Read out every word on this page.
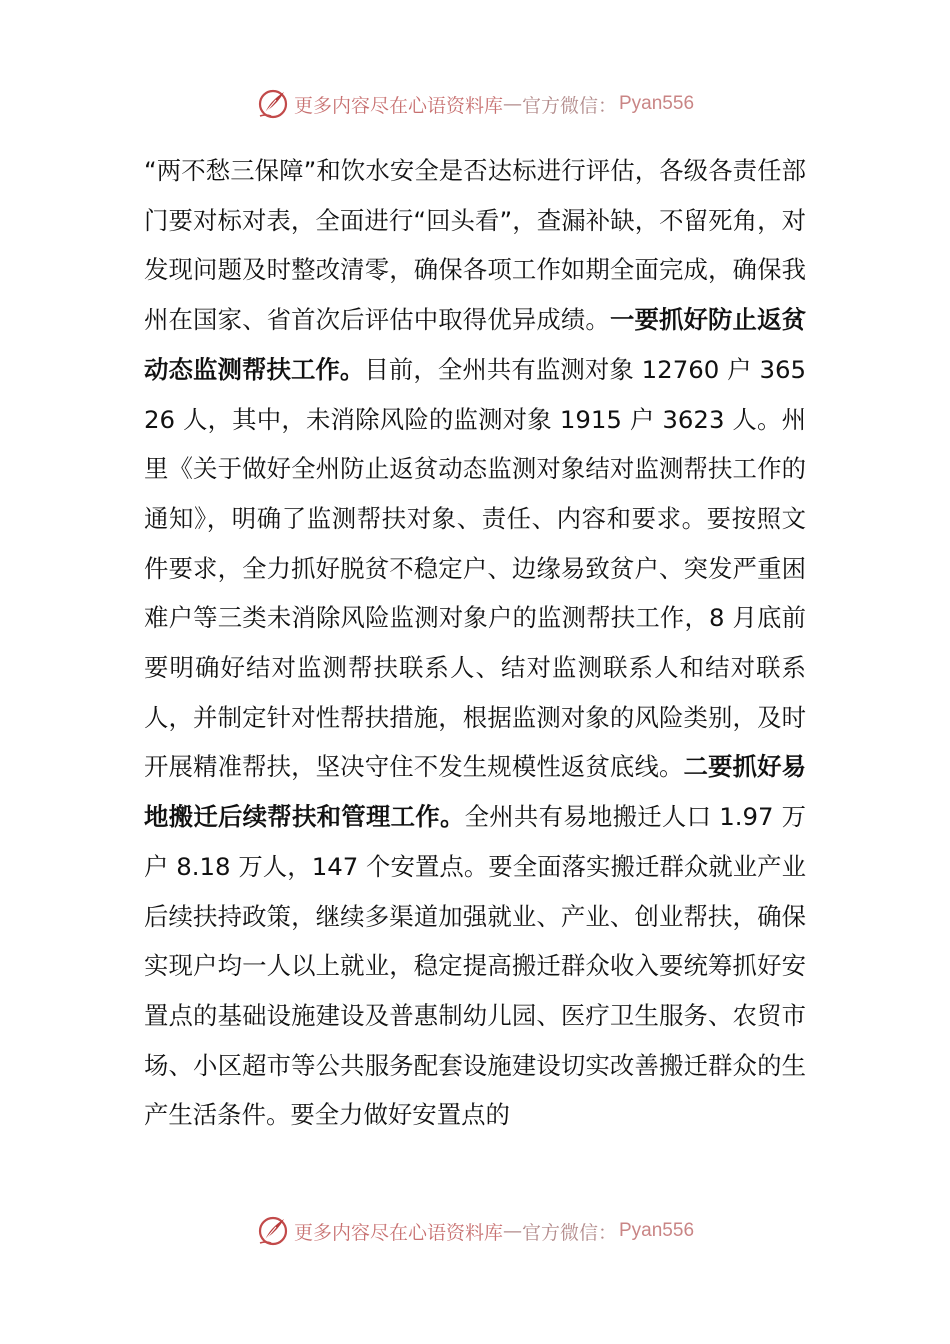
更多内容尽在心语资料库 — 官方微信： Pyan556

“两不愁三保障”和饮水安全是否达标进行评估，各级各责任部门要对标对表，全面进行“回头看”，查漏补缺，不留死角，对发现问题及时整改清零，确保各项工作如期全面完成，确保我州在国家、省首次后评估中取得优异成绩。一要抓好防止返贫动态监测帮扶工作。目前，全州共有监测对象 12760 户 36526 人，其中，未消除风险的监测对象 1915 户 3623 人。州里《关于做好全州防止返贫动态监测对象结对监测帮扶工作的通知》，明确了监测帮扶对象、责任、内容和要求。要按照文件要求，全力抓好脱贫不稳定户、边缘易致贫户、突发严重困难户等三类未消除风险监测对象户的监测帮扶工作，8 月底前要明确好结对监测帮扶联系人、结对监测联系人和结对联系人，并制定针对性帮扶措施，根据监测对象的风险类别，及时开展精准帮扶，坚决守住不发生规模性返贫底线。二要抓好易地搬迁后续帮扶和管理工作。全州共有易地搬迁人口 1.97 万户 8.18 万人，147 个安置点。要全面落实搬迁群众就业产业后续扶持政策，继续多渠道加强就业、产业、创业帮扶，确保实现户均一人以上就业，稳定提高搬迁群众收入要统筹抓好安置点的基础设施建设及普惠制幼儿园、医疗卫生服务、农贸市场、小区超市等公共服务配套设施建设切实改善搬迁群众的生产生活条件。要全力做好安置点的

更多内容尽在心语资料库 — 官方微信： Pyan556
